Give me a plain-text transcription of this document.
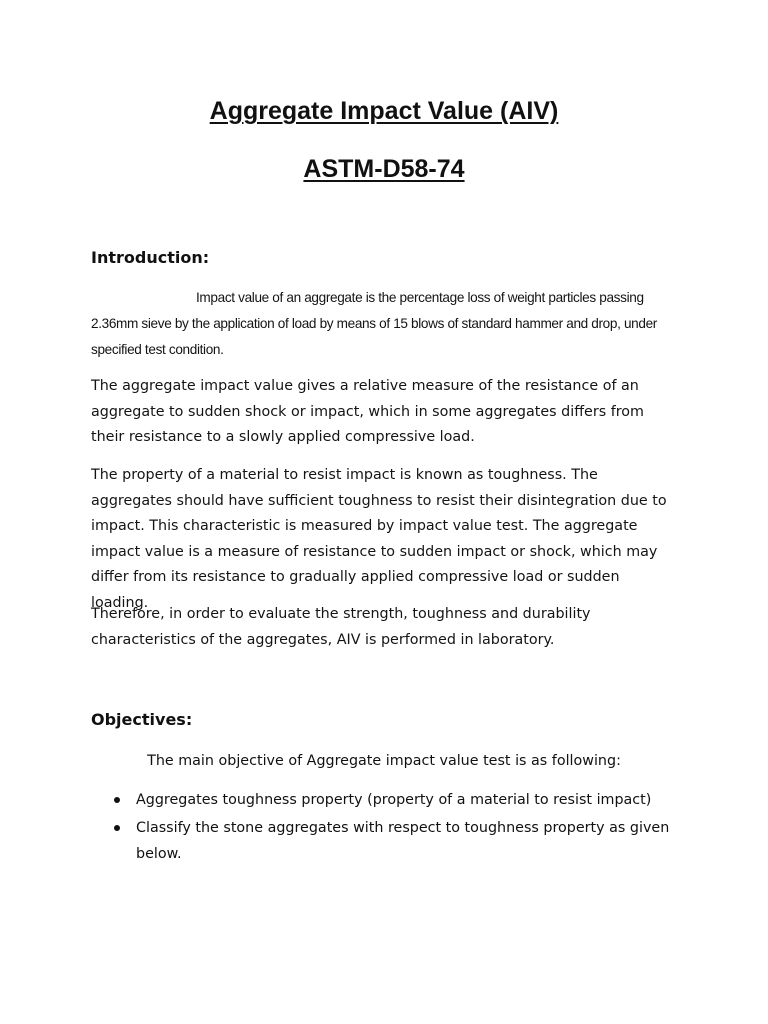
Aggregate Impact Value (AIV)
ASTM-D58-74
Introduction:

Impact value of an aggregate is the percentage loss of weight particles passing 2.36mm sieve by the application of load by means of 15 blows of standard hammer and drop, under specified test condition.

The aggregate impact value gives a relative measure of the resistance of an aggregate to sudden shock or impact, which in some aggregates differs from their resistance to a slowly applied compressive load.

The property of a material to resist impact is known as toughness. The aggregates should have sufficient toughness to resist their disintegration due to impact. This characteristic is measured by impact value test. The aggregate impact value is a measure of resistance to sudden impact or shock, which may differ from its resistance to gradually applied compressive load or sudden loading.

Therefore, in order to evaluate the strength, toughness and durability characteristics of the aggregates, AIV is performed in laboratory.

Objectives:

The main objective of Aggregate impact value test is as following:

Aggregates toughness property (property of a material to resist impact)
Classify the stone aggregates with respect to toughness property as given below.
